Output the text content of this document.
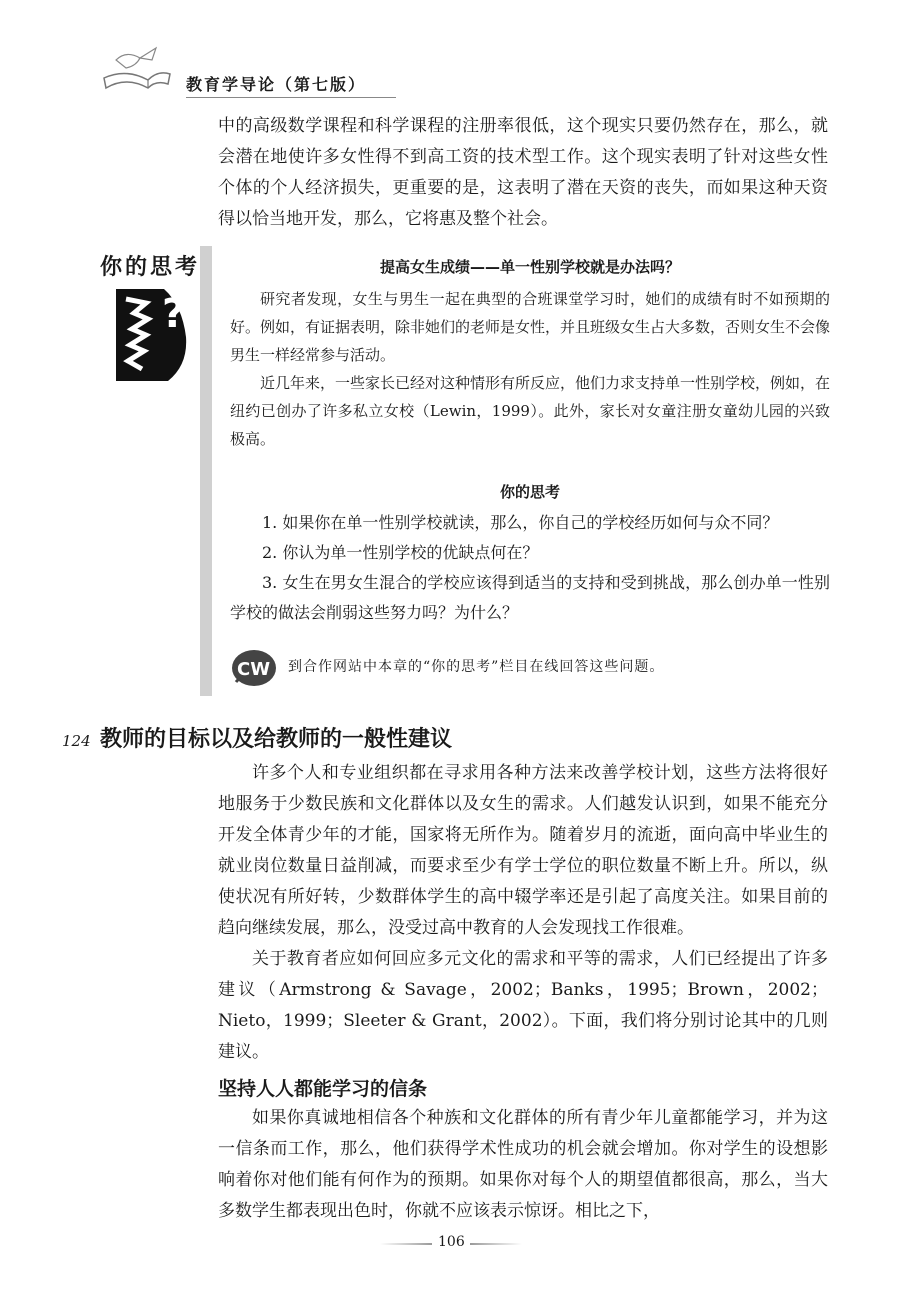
教育学导论（第七版）

中的高级数学课程和科学课程的注册率很低，这个现实只要仍然存在，那么，就会潜在地使许多女性得不到高工资的技术型工作。这个现实表明了针对这些女性个体的个人经济损失，更重要的是，这表明了潜在天资的丧失，而如果这种天资得以恰当地开发，那么，它将惠及整个社会。

你的思考
?
提高女生成绩——单一性别学校就是办法吗？

研究者发现，女生与男生一起在典型的合班课堂学习时，她们的成绩有时不如预期的好。例如，有证据表明，除非她们的老师是女性，并且班级女生占大多数，否则女生不会像男生一样经常参与活动。

近几年来，一些家长已经对这种情形有所反应，他们力求支持单一性别学校，例如，在纽约已创办了许多私立女校（Lewin，1999）。此外，家长对女童注册女童幼儿园的兴致极高。

你的思考

1. 如果你在单一性别学校就读，那么，你自己的学校经历如何与众不同？

2. 你认为单一性别学校的优缺点何在？

3. 女生在男女生混合的学校应该得到适当的支持和受到挑战，那么创办单一性别学校的做法会削弱这些努力吗？为什么？

CW 到合作网站中本章的“你的思考”栏目在线回答这些问题。
124 教师的目标以及给教师的一般性建议

许多个人和专业组织都在寻求用各种方法来改善学校计划，这些方法将很好地服务于少数民族和文化群体以及女生的需求。人们越发认识到，如果不能充分开发全体青少年的才能，国家将无所作为。随着岁月的流逝，面向高中毕业生的就业岗位数量日益削减，而要求至少有学士学位的职位数量不断上升。所以，纵使状况有所好转，少数群体学生的高中辍学率还是引起了高度关注。如果目前的趋向继续发展，那么，没受过高中教育的人会发现找工作很难。

关于教育者应如何回应多元文化的需求和平等的需求，人们已经提出了许多建议（Armstrong & Savage，2002；Banks，1995；Brown，2002；Nieto，1999；Sleeter & Grant，2002）。下面，我们将分别讨论其中的几则建议。

坚持人人都能学习的信条

如果你真诚地相信各个种族和文化群体的所有青少年儿童都能学习，并为这一信条而工作，那么，他们获得学术性成功的机会就会增加。你对学生的设想影响着你对他们能有何作为的预期。如果你对每个人的期望值都很高，那么，当大多数学生都表现出色时，你就不应该表示惊讶。相比之下，

106
